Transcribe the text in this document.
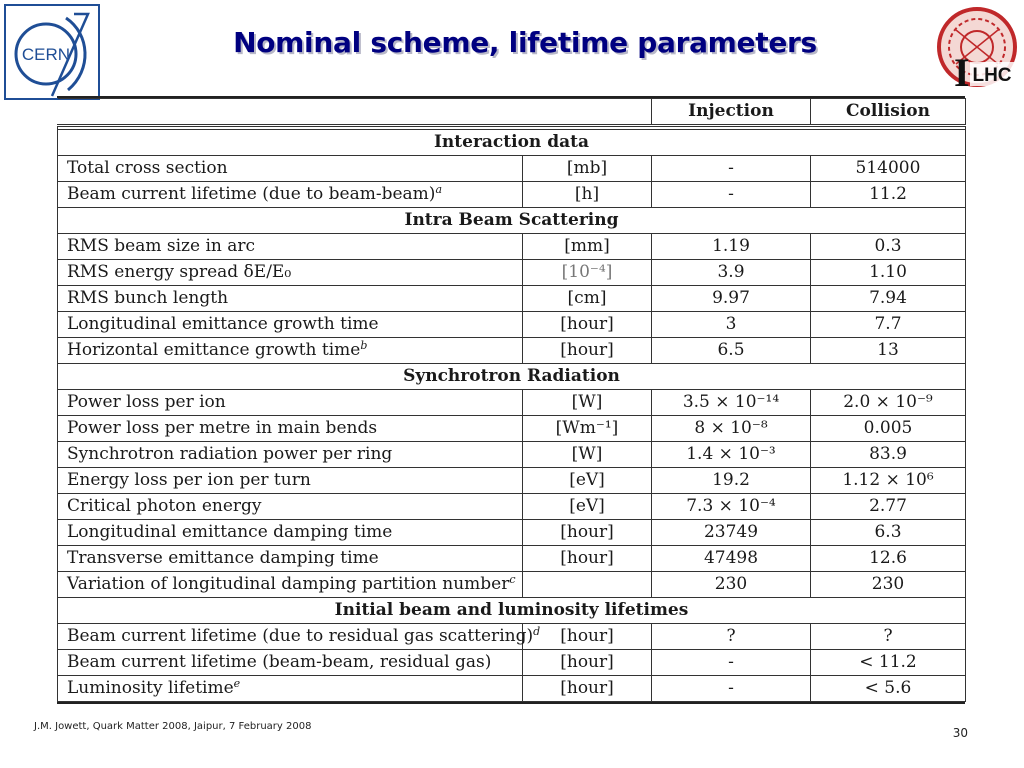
CERN	Nominal scheme, lifetime parameters
I LHC
		Injection	Collision

Interaction data			
Total cross section	[mb]	-	514000
Beam current lifetime (due to beam-beam)$^a$	[h]	-	11.2
Intra Beam Scattering			
RMS beam size in arc	[mm]	1.19	0.3
RMS energy spread δE/E₀	[10⁻⁴]	3.9	1.10
RMS bunch length	[cm]	9.97	7.94
Longitudinal emittance growth time	[hour]	3	7.7
Horizontal emittance growth time$^b$	[hour]	6.5	13
Synchrotron Radiation			
Power loss per ion	[W]	3.5 × 10⁻¹⁴	2.0 × 10⁻⁹
Power loss per metre in main bends	[Wm⁻¹]	8 × 10⁻⁸	0.005
Synchrotron radiation power per ring	[W]	1.4 × 10⁻³	83.9
Energy loss per ion per turn	[eV]	19.2	1.12 × 10⁶
Critical photon energy	[eV]	7.3 × 10⁻⁴	2.77
Longitudinal emittance damping time	[hour]	23749	6.3
Transverse emittance damping time	[hour]	47498	12.6
Variation of longitudinal damping partition number$^c$		230	230
Initial beam and luminosity lifetimes			
Beam current lifetime (due to residual gas scattering)$^d$	[hour]	?	?
Beam current lifetime (beam-beam, residual gas)	[hour]	-	< 11.2
Luminosity lifetime$^e$	[hour]	-	< 5.6
J.M. Jowett, Quark Matter 2008, Jaipur, 7 February 2008	30
